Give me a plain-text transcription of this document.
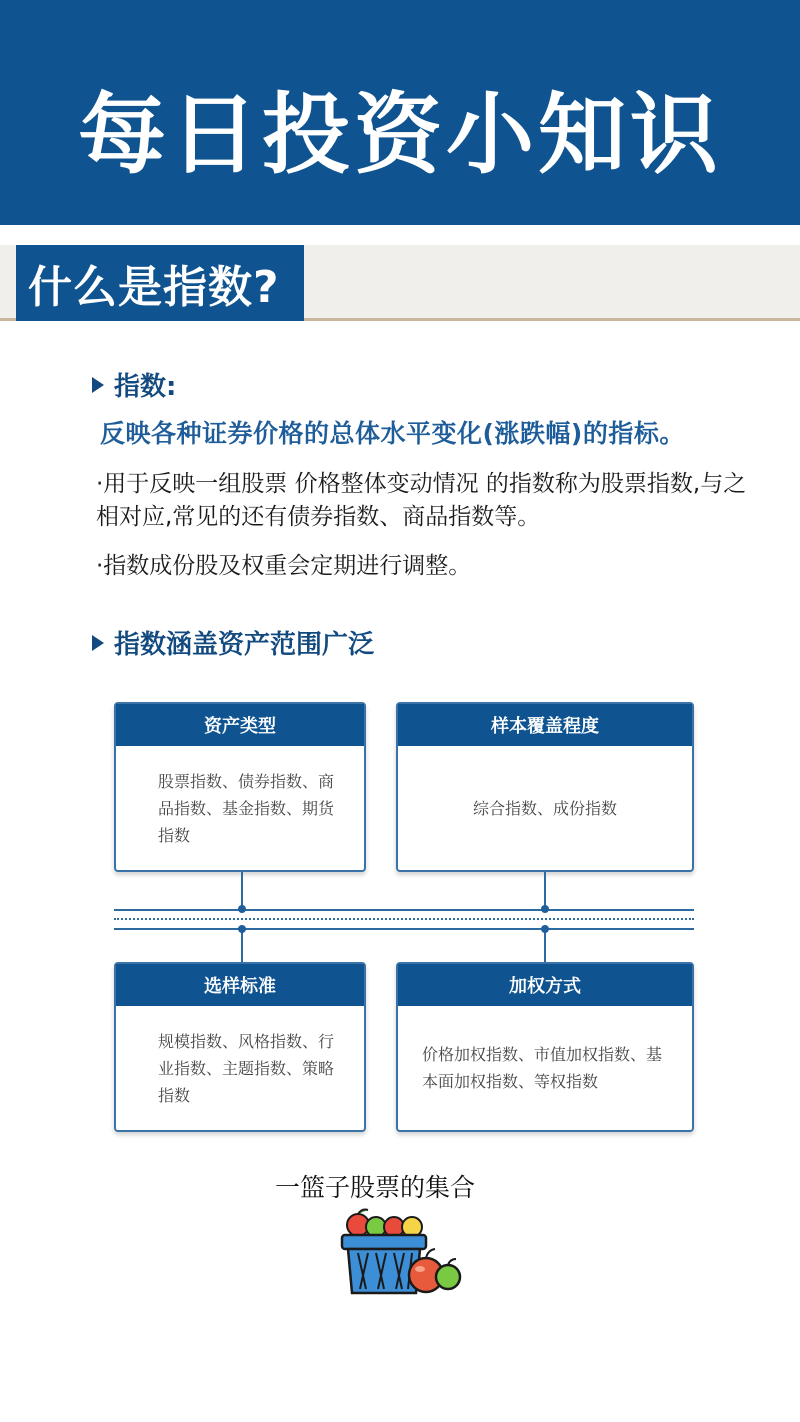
每日投资小知识
什么是指数?
指数:
反映各种证券价格的总体水平变化(涨跌幅)的指标。
·用于反映一组股票 价格整体变动情况 的指数称为股票指数,与之相对应,常见的还有债券指数、商品指数等。
·指数成份股及权重会定期进行调整。
指数涵盖资产范围广泛
资产类型
股票指数、债券指数、商品指数、基金指数、期货指数
样本覆盖程度
综合指数、成份指数
选样标准
规模指数、风格指数、行业指数、主题指数、策略指数
加权方式
价格加权指数、市值加权指数、基本面加权指数、等权指数
一篮子股票的集合
